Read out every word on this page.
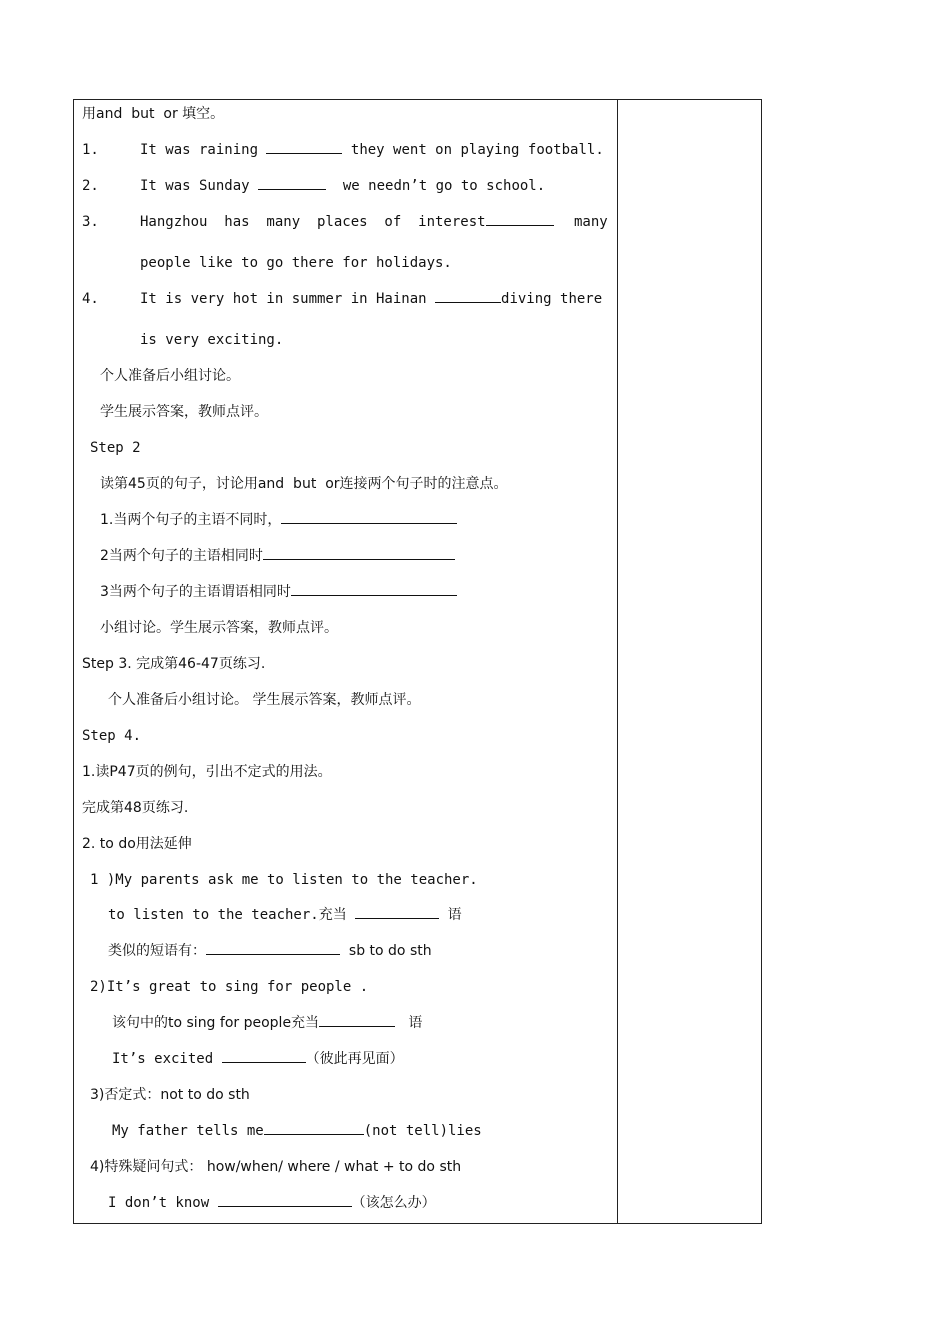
用and  but  or 填空。
1.	It was raining	they went on playing football.
2.	It was Sunday	we needn’t go to school.
3.	Hangzhou  has  many  places  of  interest	many
people like to go there for holidays.
4.	It is very hot in summer in Hainan	diving there
is very exciting.
个人准备后小组讨论。
学生展示答案，教师点评。
Step 2
读第45页的句子，讨论用and  but  or连接两个句子时的注意点。
1.当两个句子的主语不同时，
2当两个句子的主语相同时
3当两个句子的主语谓语相同时
小组讨论。学生展示答案，教师点评。
Step 3. 完成第46-47页练习.
个人准备后小组讨论。 学生展示答案，教师点评。
Step 4.
1.读P47页的例句，引出不定式的用法。
完成第48页练习.
2. to do用法延伸
1 )My parents ask me to listen to the teacher.
to listen to the teacher.充当	语
类似的短语有：	sb to do sth
2)It’s great to sing for people .
该句中的to sing for people充当	语
It’s excited	（彼此再见面）
3)否定式：not to do sth
My father tells me	(not tell)lies
4)特殊疑问句式： how/when/ where / what + to do sth
I don’t know	（该怎么办）
